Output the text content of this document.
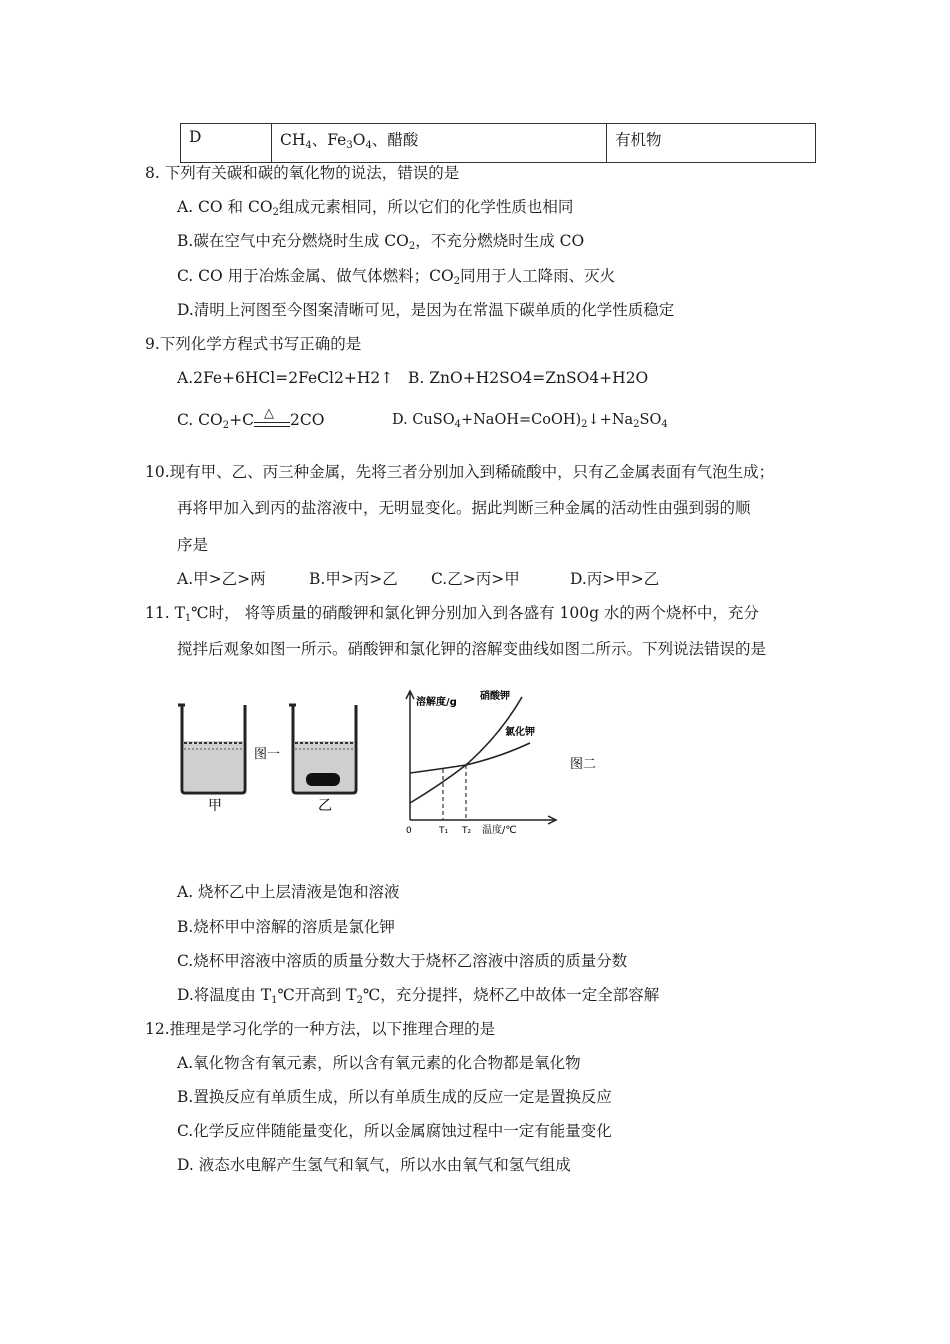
D	$CH_4$、$Fe_3O_4$、醋酸	有机物
8. 下列有关碳和碳的氧化物的说法，错误的是
A. CO 和 $CO_2$组成元素相同，所以它们的化学性质也相同
B.碳在空气中充分燃烧时生成 $CO_2$，不充分燃烧时生成 CO
C. CO 用于冶炼金属、做气体燃料；$CO_2$同用于人工降雨、灭火
D.清明上河图至今图案清晰可见，是因为在常温下碳单质的化学性质稳定
9.下列化学方程式书写正确的是
A.2Fe+6HCl=2FeCl2+H2↑ B. ZnO+H2SO4=ZnSO4+H2O
C. $CO_2+C$ △ 2CO	D. $CuSO_4+NaOH=CoOH)_2↓+Na_2SO_4$
10.现有甲、乙、丙三种金属，先将三者分别加入到稀硫酸中，只有乙金属表面有气泡生成；
再将甲加入到丙的盐溶液中，无明显变化。据此判断三种金属的活动性由强到弱的顺
序是
A.甲>乙>两	B.甲>丙>乙 C.乙>丙>甲	D.丙>甲>乙
11. $T_1℃$时， 将等质量的硝酸钾和氯化钾分别加入到各盛有 100g 水的两个烧杯中，充分
搅拌后观象如图一所示。硝酸钾和氯化钾的溶解变曲线如图二所示。下列说法错误的是
甲
图一
乙
溶解度/g
温度/℃
0	T₁ T₂
硝酸钾
氯化钾
图二
A. 烧杯乙中上层清液是饱和溶液
B.烧杯甲中溶解的溶质是氯化钾
C.烧杯甲溶液中溶质的质量分数大于烧杯乙溶液中溶质的质量分数
D.将温度由 $T_1℃$开高到 $T_2℃$，充分提拌，烧杯乙中故体一定全部容解
12.推理是学习化学的一种方法，以下推理合理的是
A.氧化物含有氧元素，所以含有氧元素的化合物都是氧化物
B.置换反应有单质生成，所以有单质生成的反应一定是置换反应
C.化学反应伴随能量变化，所以金属腐蚀过程中一定有能量变化
D. 液态水电解产生氢气和氧气，所以水由氧气和氢气组成
